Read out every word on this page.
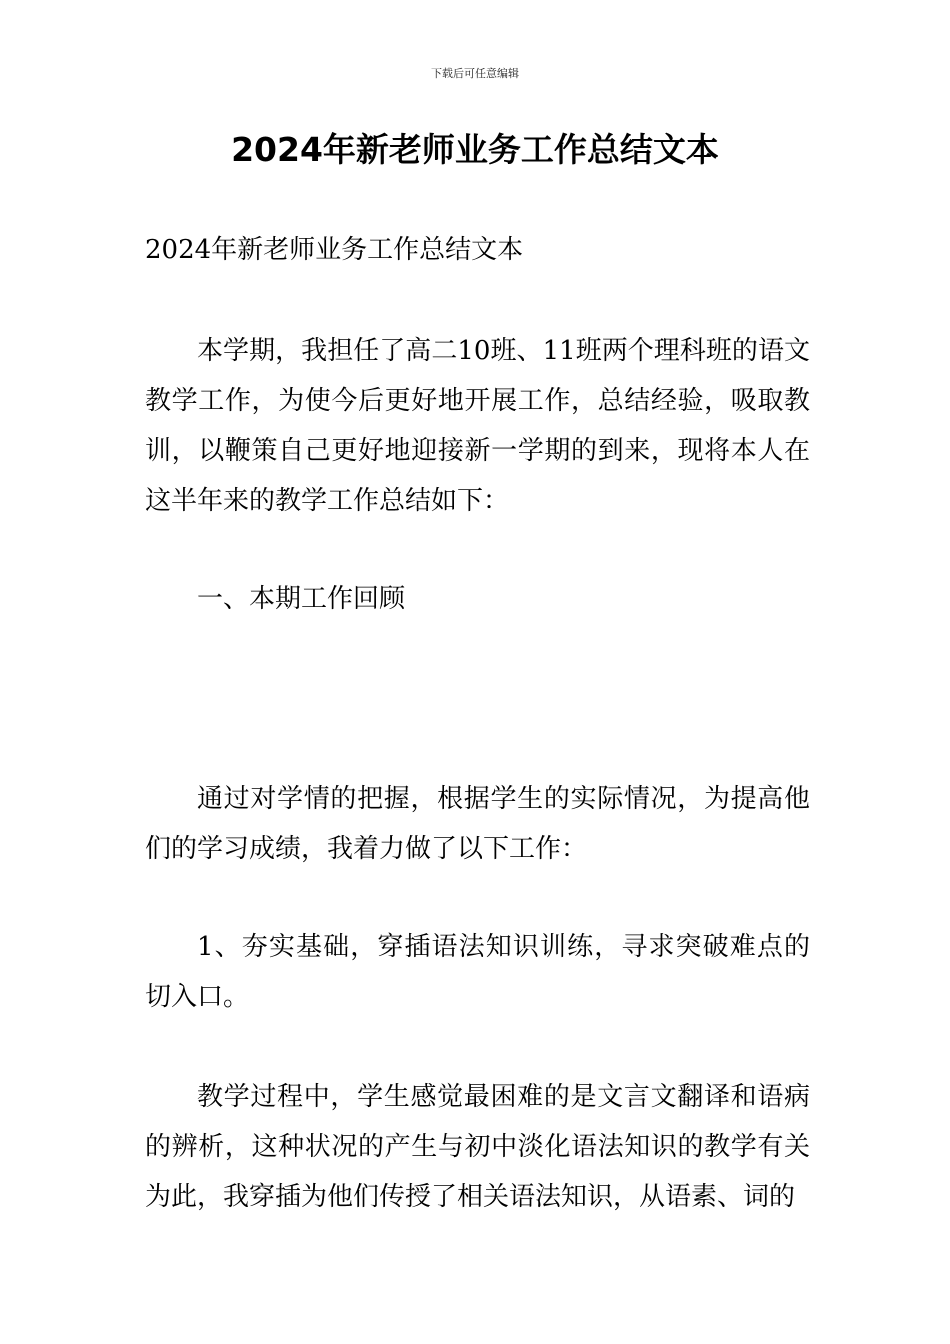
下载后可任意编辑
2024年新老师业务工作总结文本

2024年新老师业务工作总结文本

本学期，我担任了高二10班、11班两个理科班的语文教学工作，为使今后更好地开展工作，总结经验，吸取教训，以鞭策自己更好地迎接新一学期的到来，现将本人在这半年来的教学工作总结如下：

一、本期工作回顾

通过对学情的把握，根据学生的实际情况，为提高他们的学习成绩，我着力做了以下工作：

1、夯实基础，穿插语法知识训练，寻求突破难点的切入口。

教学过程中，学生感觉最困难的是文言文翻译和语病的辨析，这种状况的产生与初中淡化语法知识的教学有关为此，我穿插为他们传授了相关语法知识，从语素、词的
